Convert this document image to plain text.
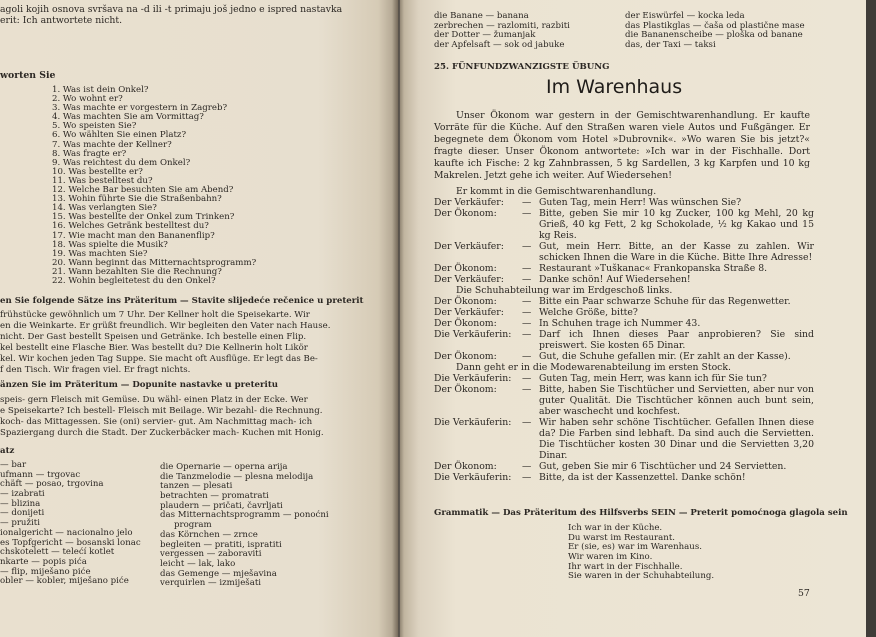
agoli kojih osnova svršava na -d ili -t primaju još jedno e ispred nastavka
erit: Ich antwortete nicht.
worten Sie
1. Was ist dein Onkel?
2. Wo wohnt er?
3. Was machte er vorgestern in Zagreb?
4. Was machten Sie am Vormittag?
5. Wo speisten Sie?
6. Wo wählten Sie einen Platz?
7. Was machte der Kellner?
8. Was fragte er?
9. Was reichtest du dem Onkel?
10. Was bestellte er?
11. Was bestelltest du?
12. Welche Bar besuchten Sie am Abend?
13. Wohin führte Sie die Straßenbahn?
14. Was verlangten Sie?
15. Was bestellte der Onkel zum Trinken?
16. Welches Getränk bestelltest du?
17. Wie macht man den Bananenflip?
18. Was spielte die Musik?
19. Was machten Sie?
20. Wann beginnt das Mitternachtsprogramm?
21. Wann bezahlten Sie die Rechnung?
22. Wohin begleitetest du den Onkel?
en Sie folgende Sätze ins Präteritum — Stavite slijedeće rečenice u preterit
frühstücke gewöhnlich um 7 Uhr. Der Kellner holt die Speisekarte. Wir
en die Weinkarte. Er grüßt freundlich. Wir begleiten den Vater nach Hause.
nicht. Der Gast bestellt Speisen und Getränke. Ich bestelle einen Flip.
kel bestellt eine Flasche Bier. Was bestellt du? Die Kellnerin holt Likör
kel. Wir kochen jeden Tag Suppe. Sie macht oft Ausflüge. Er legt das Be-
f den Tisch. Wir fragen viel. Er fragt nichts.
änzen Sie im Präteritum — Dopunite nastavke u preteritu
speis- gern Fleisch mit Gemüse. Du wähl- einen Platz in der Ecke. Wer
e Speisekarte? Ich bestell- Fleisch mit Beilage. Wir bezahl- die Rechnung.
koch- das Mittagessen. Sie (oni) servier- gut. Am Nachmittag mach- ich
Spaziergang durch die Stadt. Der Zuckerbäcker mach- Kuchen mit Honig.
atz
— bar
ufmann — trgovac
chäft — posao, trgovina
— izabrati
— blizina
— donijeti
— pružiti
ionalgericht — nacionalno jelo
es Topfgericht — bosanski lonac
chskotelett — telećí kotlet
nkarte — popis pića
— flip, miješano piće
obler — kobler, miješano piće
die Opernarie — operna arija
die Tanzmelodie — plesna melodija
tanzen — plesati
betrachten — promatrati
plaudern — pričati, čavrljati
das Mitternachtsprogramm — ponoćni
program
das Körnchen — zrnce
begleiten — pratiti, ispratiti
vergessen — zaboraviti
leicht — lak, lako
das Gemenge — mješavina
verquirlen — izmiješati
die Banane — banana
zerbrechen — razlomiti, razbiti
der Dotter — žumanjak
der Apfelsaft — sok od jabuke
der Eiswürfel — kocka leda
das Plastikglas — čaša od plastične mase
die Bananenscheibe — ploška od banane
das, der Taxi — taksi
25. FÜNFUNDZWANZIGSTE ÜBUNG
Im Warenhaus
Unser Ökonom war gestern in der Gemischtwarenhandlung. Er kaufte Vorräte für die Küche. Auf den Straßen waren viele Autos und Fußgänger. Er begegnete dem Ökonom vom Hotel »Dubrovnik«. »Wo waren Sie bis jetzt?« fragte dieser. Unser Ökonom antwortete: »Ich war in der Fischhalle. Dort kaufte ich Fische: 2 kg Zahnbrassen, 5 kg Sardellen, 3 kg Karpfen und 10 kg Makrelen. Jetzt gehe ich weiter. Auf Wiedersehen!
Er kommt in die Gemischtwarenhandlung.
Der Verkäufer:	— Guten Tag, mein Herr! Was wünschen Sie?
Der Ökonom:	— Bitte, geben Sie mir 10 kg Zucker, 100 kg Mehl, 20 kg Grieß, 40 kg Fett, 2 kg Schokolade, ½ kg Kakao und 15 kg Reis.
Der Verkäufer:	— Gut, mein Herr. Bitte, an der Kasse zu zahlen. Wir schicken Ihnen die Ware in die Küche. Bitte Ihre Adresse!
Der Ökonom:	— Restaurant »Tuškanac« Frankopanska Straße 8.
Der Verkäufer:	— Danke schön! Auf Wiedersehen!
Die Schuhabteilung war im Erdgeschoß links.
Der Ökonom:	— Bitte ein Paar schwarze Schuhe für das Regenwetter.
Der Verkäufer:	— Welche Größe, bitte?
Der Ökonom:	— In Schuhen trage ich Nummer 43.
Die Verkäuferin:	— Darf ich Ihnen dieses Paar anprobieren? Sie sind preiswert. Sie kosten 65 Dinar.
Der Ökonom:	— Gut, die Schuhe gefallen mir. (Er zahlt an der Kasse).
Dann geht er in die Modewarenabteilung im ersten Stock.
Die Verkäuferin:	— Guten Tag, mein Herr, was kann ich für Sie tun?
Der Ökonom:	— Bitte, haben Sie Tischtücher und Servietten, aber nur von guter Qualität. Die Tischtücher können auch bunt sein, aber waschecht und kochfest.
Die Verkäuferin:	— Wir haben sehr schöne Tischtücher. Gefallen Ihnen diese da? Die Farben sind lebhaft. Da sind auch die Servietten. Die Tischtücher kosten 30 Dinar und die Servietten 3,20 Dinar.
Der Ökonom:	— Gut, geben Sie mir 6 Tischtücher und 24 Servietten.
Die Verkäuferin:	— Bitte, da ist der Kassenzettel. Danke schön!
Grammatik — Das Präteritum des Hilfsverbs SEIN — Preterit pomoćnoga glagola sein
Ich war in der Küche.
Du warst im Restaurant.
Er (sie, es) war im Warenhaus.
Wir waren im Kino.
Ihr wart in der Fischhalle.
Sie waren in der Schuhabteilung.
57
